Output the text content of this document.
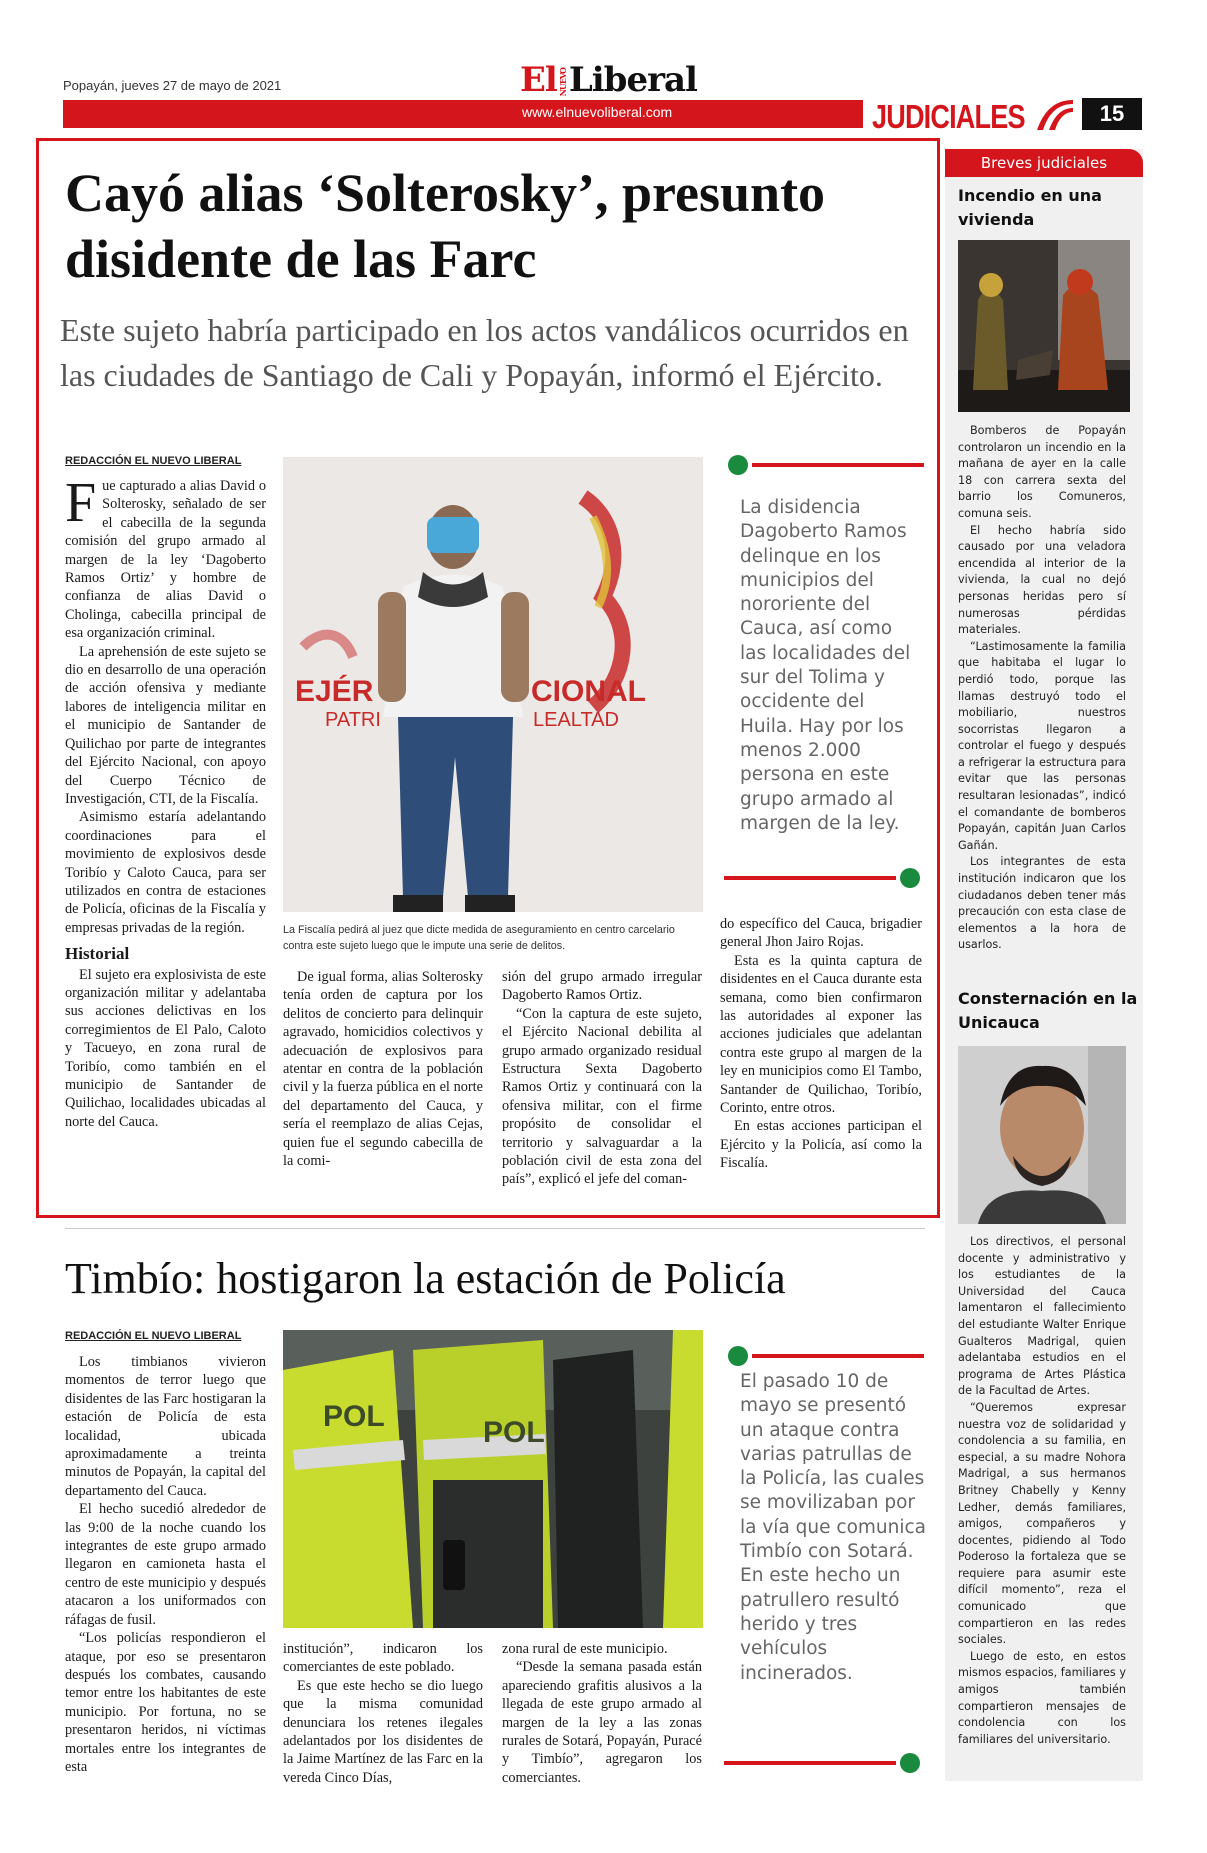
Popayán, jueves 27 de mayo de 2021	ElNUEVOLiberal
www.elnuevoliberal.com	JUDICIALES	15
Cayó alias ‘Solterosky’, presunto disidente de las Farc
Este sujeto habría participado en los actos vandálicos ocurridos en las ciudades de Santiago de Cali y Popayán, informó el Ejército.
REDACCIÓN EL NUEVO LIBERAL

Fue capturado a alias David o Solterosky, señalado de ser el cabecilla de la segunda comisión del grupo armado al margen de la ley ‘Dagoberto Ramos Ortiz’ y hombre de confianza de alias David o Cholinga, cabecilla principal de esa organización criminal.

La aprehensión de este sujeto se dio en desarrollo de una operación de acción ofensiva y mediante labores de inteligencia militar en el municipio de Santander de Quilichao por parte de integrantes del Ejército Nacional, con apoyo del Cuerpo Técnico de Investigación, CTI, de la Fiscalía.

Asimismo estaría adelantando coordinaciones para el movimiento de explosivos desde Toribío y Caloto Cauca, para ser utilizados en contra de estaciones de Policía, oficinas de la Fiscalía y empresas privadas de la región.

Historial

El sujeto era explosivista de este organización militar y adelantaba sus acciones delictivas en los corregimientos de El Palo, Caloto y Tacueyo, en zona rural de Toribío, como también en el municipio de Santander de Quilichao, localidades ubicadas al norte del Cauca.

EJÉR	CIONAL
PATRI	LEALTAD
La Fiscalía pedirá al juez que dicte medida de aseguramiento en centro carcelario contra este sujeto luego que le impute una serie de delitos.

De igual forma, alias Solterosky tenía orden de captura por los delitos de concierto para delinquir agravado, homicidios colectivos y adecuación de explosivos para atentar en contra de la población civil y la fuerza pública en el norte del departamento del Cauca, y sería el reemplazo de alias Cejas, quien fue el segundo cabecilla de la comi-

sión del grupo armado irregular Dagoberto Ramos Ortiz.

“Con la captura de este sujeto, el Ejército Nacional debilita al grupo armado organizado residual Estructura Sexta Dagoberto Ramos Ortiz y continuará con la ofensiva militar, con el firme propósito de consolidar el territorio y salvaguardar a la población civil de esta zona del país”, explicó el jefe del coman-

do específico del Cauca, brigadier general Jhon Jairo Rojas.

Esta es la quinta captura de disidentes en el Cauca durante esta semana, como bien confirmaron las autoridades al exponer las acciones judiciales que adelantan contra este grupo al margen de la ley en municipios como El Tambo, Santander de Quilichao, Toribío, Corinto, entre otros.

En estas acciones participan el Ejército y la Policía, así como la Fiscalía.

La disidencia Dagoberto Ramos delinque en los municipios del nororiente del Cauca, así como las localidades del sur del Tolima y occidente del Huila. Hay por los menos 2.000 persona en este grupo armado al margen de la ley.
Breves judiciales
Incendio en una vivienda

Bomberos de Popayán controlaron un incendio en la mañana de ayer en la calle 18 con carrera sexta del barrio los Comuneros, comuna seis.

El hecho habría sido causado por una veladora encendida al interior de la vivienda, la cual no dejó personas heridas pero sí numerosas pérdidas materiales.

“Lastimosamente la familia que habitaba el lugar lo perdió todo, porque las llamas destruyó todo el mobiliario, nuestros socorristas llegaron a controlar el fuego y después a refrigerar la estructura para evitar que las personas resultaran lesionadas”, indicó el comandante de bomberos Popayán, capitán Juan Carlos Gañán.

Los integrantes de esta institución indicaron que los ciudadanos deben tener más precaución con esta clase de elementos a la hora de usarlos.

Consternación en la Unicauca

Los directivos, el personal docente y administrativo y los estudiantes de la Universidad del Cauca lamentaron el fallecimiento del estudiante Walter Enrique Gualteros Madrigal, quien adelantaba estudios en el programa de Artes Plástica de la Facultad de Artes.

“Queremos expresar nuestra voz de solidaridad y condolencia a su familia, en especial, a su madre Nohora Madrigal, a sus hermanos Britney Chabelly y Kenny Ledher, demás familiares, amigos, compañeros y docentes, pidiendo al Todo Poderoso la fortaleza que se requiere para asumir este difícil momento”, reza el comunicado que compartieron en las redes sociales.

Luego de esto, en estos mismos espacios, familiares y amigos también compartieron mensajes de condolencia con los familiares del universitario.

Timbío: hostigaron la estación de Policía
REDACCIÓN EL NUEVO LIBERAL

Los timbianos vivieron momentos de terror luego que disidentes de las Farc hostigaran la estación de Policía de esta localidad, ubicada aproximadamente a treinta minutos de Popayán, la capital del departamento del Cauca.

El hecho sucedió alrededor de las 9:00 de la noche cuando los integrantes de este grupo armado llegaron en camioneta hasta el centro de este municipio y después atacaron a los uniformados con ráfagas de fusil.

“Los policías respondieron el ataque, por eso se presentaron después los combates, causando temor entre los habitantes de este municipio. Por fortuna, no se presentaron heridos, ni víctimas mortales entre los integrantes de esta

POL	POL

institución”, indicaron los comerciantes de este poblado.

Es que este hecho se dio luego que la misma comunidad denunciara los retenes ilegales adelantados por los disidentes de la Jaime Martínez de las Farc en la vereda Cinco Días,

zona rural de este municipio.

“Desde la semana pasada están apareciendo grafitis alusivos a la llegada de este grupo armado al margen de la ley a las zonas rurales de Sotará, Popayán, Puracé y Timbío”, agregaron los comerciantes.

El pasado 10 de mayo se presentó un ataque contra varias patrullas de la Policía, las cuales se movilizaban por la vía que comunica Timbío con Sotará. En este hecho un patrullero resultó herido y tres vehículos incinerados.
